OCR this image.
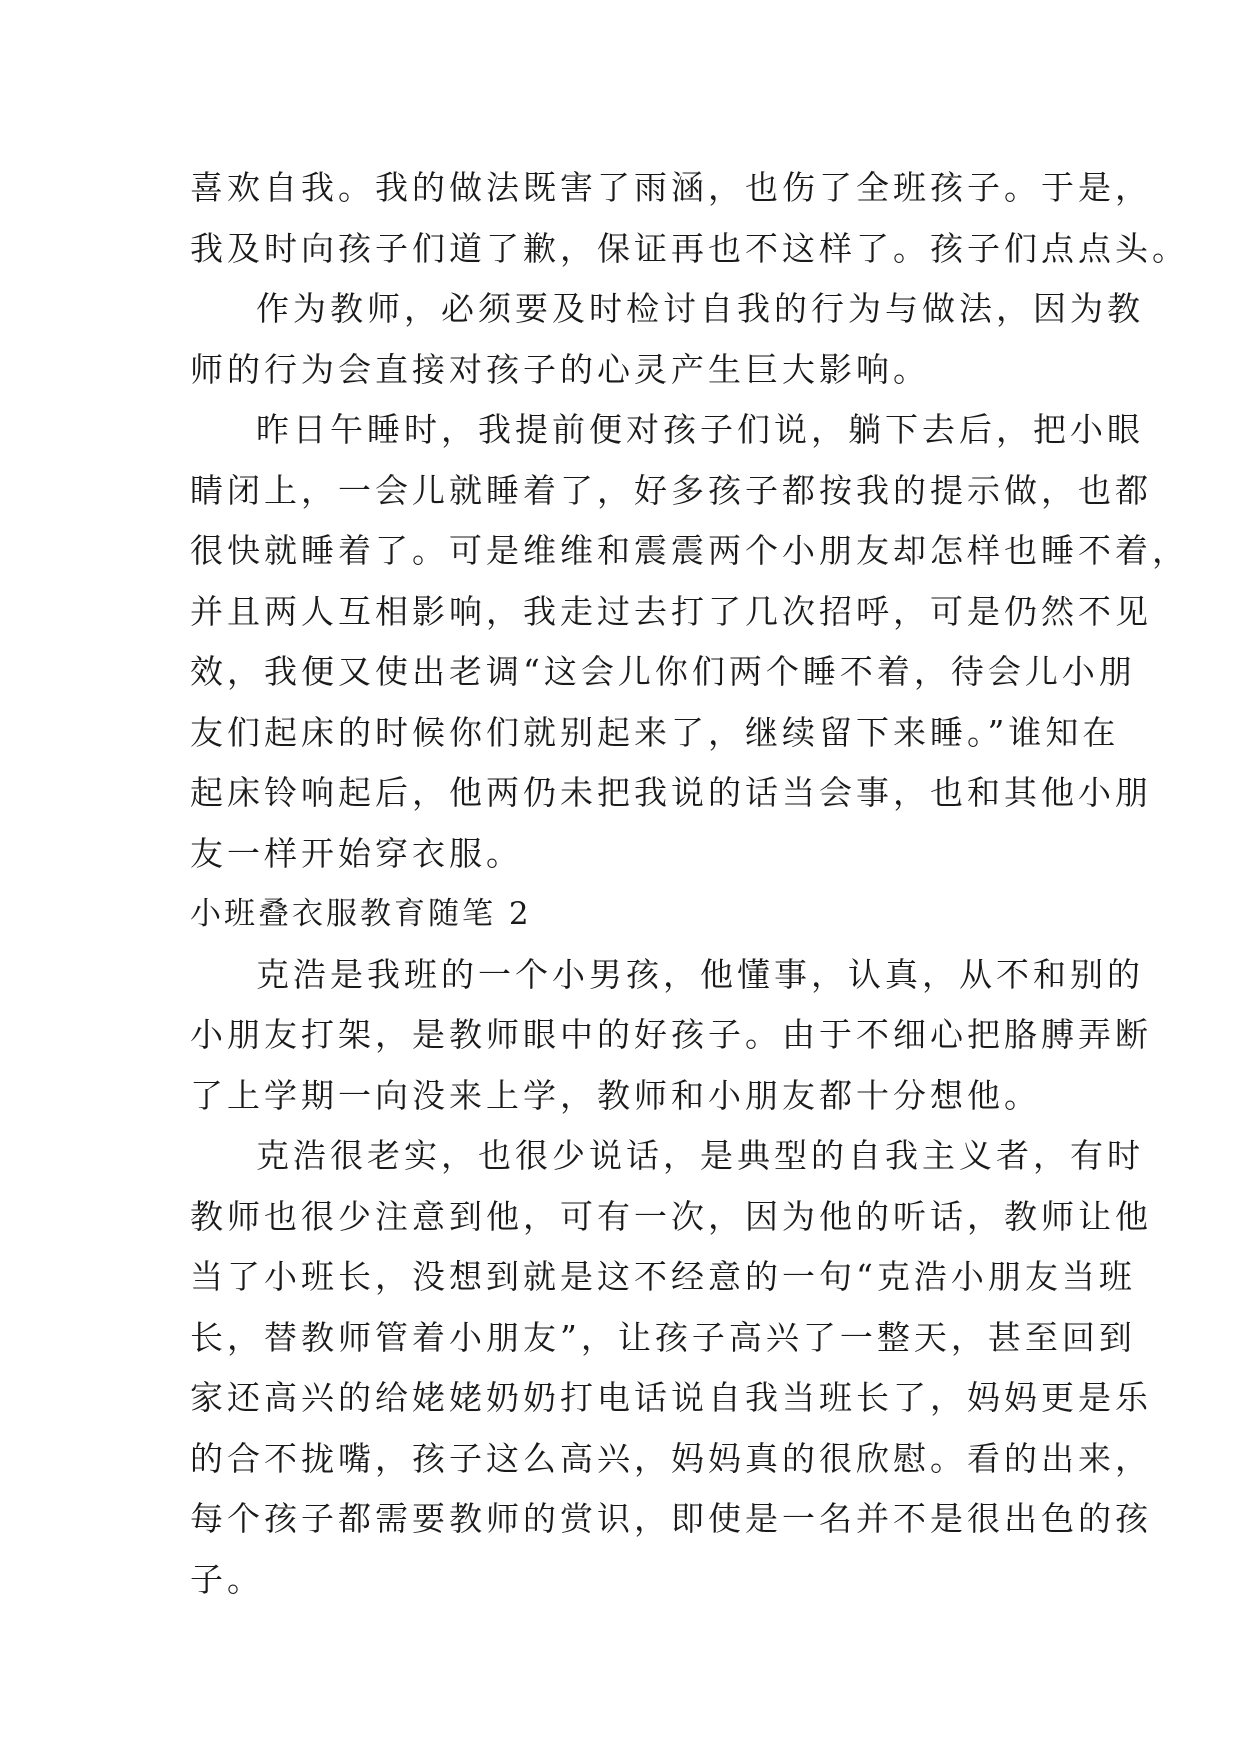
喜欢自我。我的做法既害了雨涵，也伤了全班孩子。于是，
我及时向孩子们道了歉，保证再也不这样了。孩子们点点头。
作为教师，必须要及时检讨自我的行为与做法，因为教
师的行为会直接对孩子的心灵产生巨大影响。
昨日午睡时，我提前便对孩子们说，躺下去后，把小眼
睛闭上，一会儿就睡着了，好多孩子都按我的提示做，也都
很快就睡着了。可是维维和震震两个小朋友却怎样也睡不着，
并且两人互相影响，我走过去打了几次招呼，可是仍然不见
效，我便又使出老调“这会儿你们两个睡不着，待会儿小朋
友们起床的时候你们就别起来了，继续留下来睡。”谁知在
起床铃响起后，他两仍未把我说的话当会事，也和其他小朋
友一样开始穿衣服。
小班叠衣服教育随笔 2
克浩是我班的一个小男孩，他懂事，认真，从不和别的
小朋友打架，是教师眼中的好孩子。由于不细心把胳膊弄断
了上学期一向没来上学，教师和小朋友都十分想他。
克浩很老实，也很少说话，是典型的自我主义者，有时
教师也很少注意到他，可有一次，因为他的听话，教师让他
当了小班长，没想到就是这不经意的一句“克浩小朋友当班
长，替教师管着小朋友”，让孩子高兴了一整天，甚至回到
家还高兴的给姥姥奶奶打电话说自我当班长了，妈妈更是乐
的合不拢嘴，孩子这么高兴，妈妈真的很欣慰。看的出来，
每个孩子都需要教师的赏识，即使是一名并不是很出色的孩
子。
